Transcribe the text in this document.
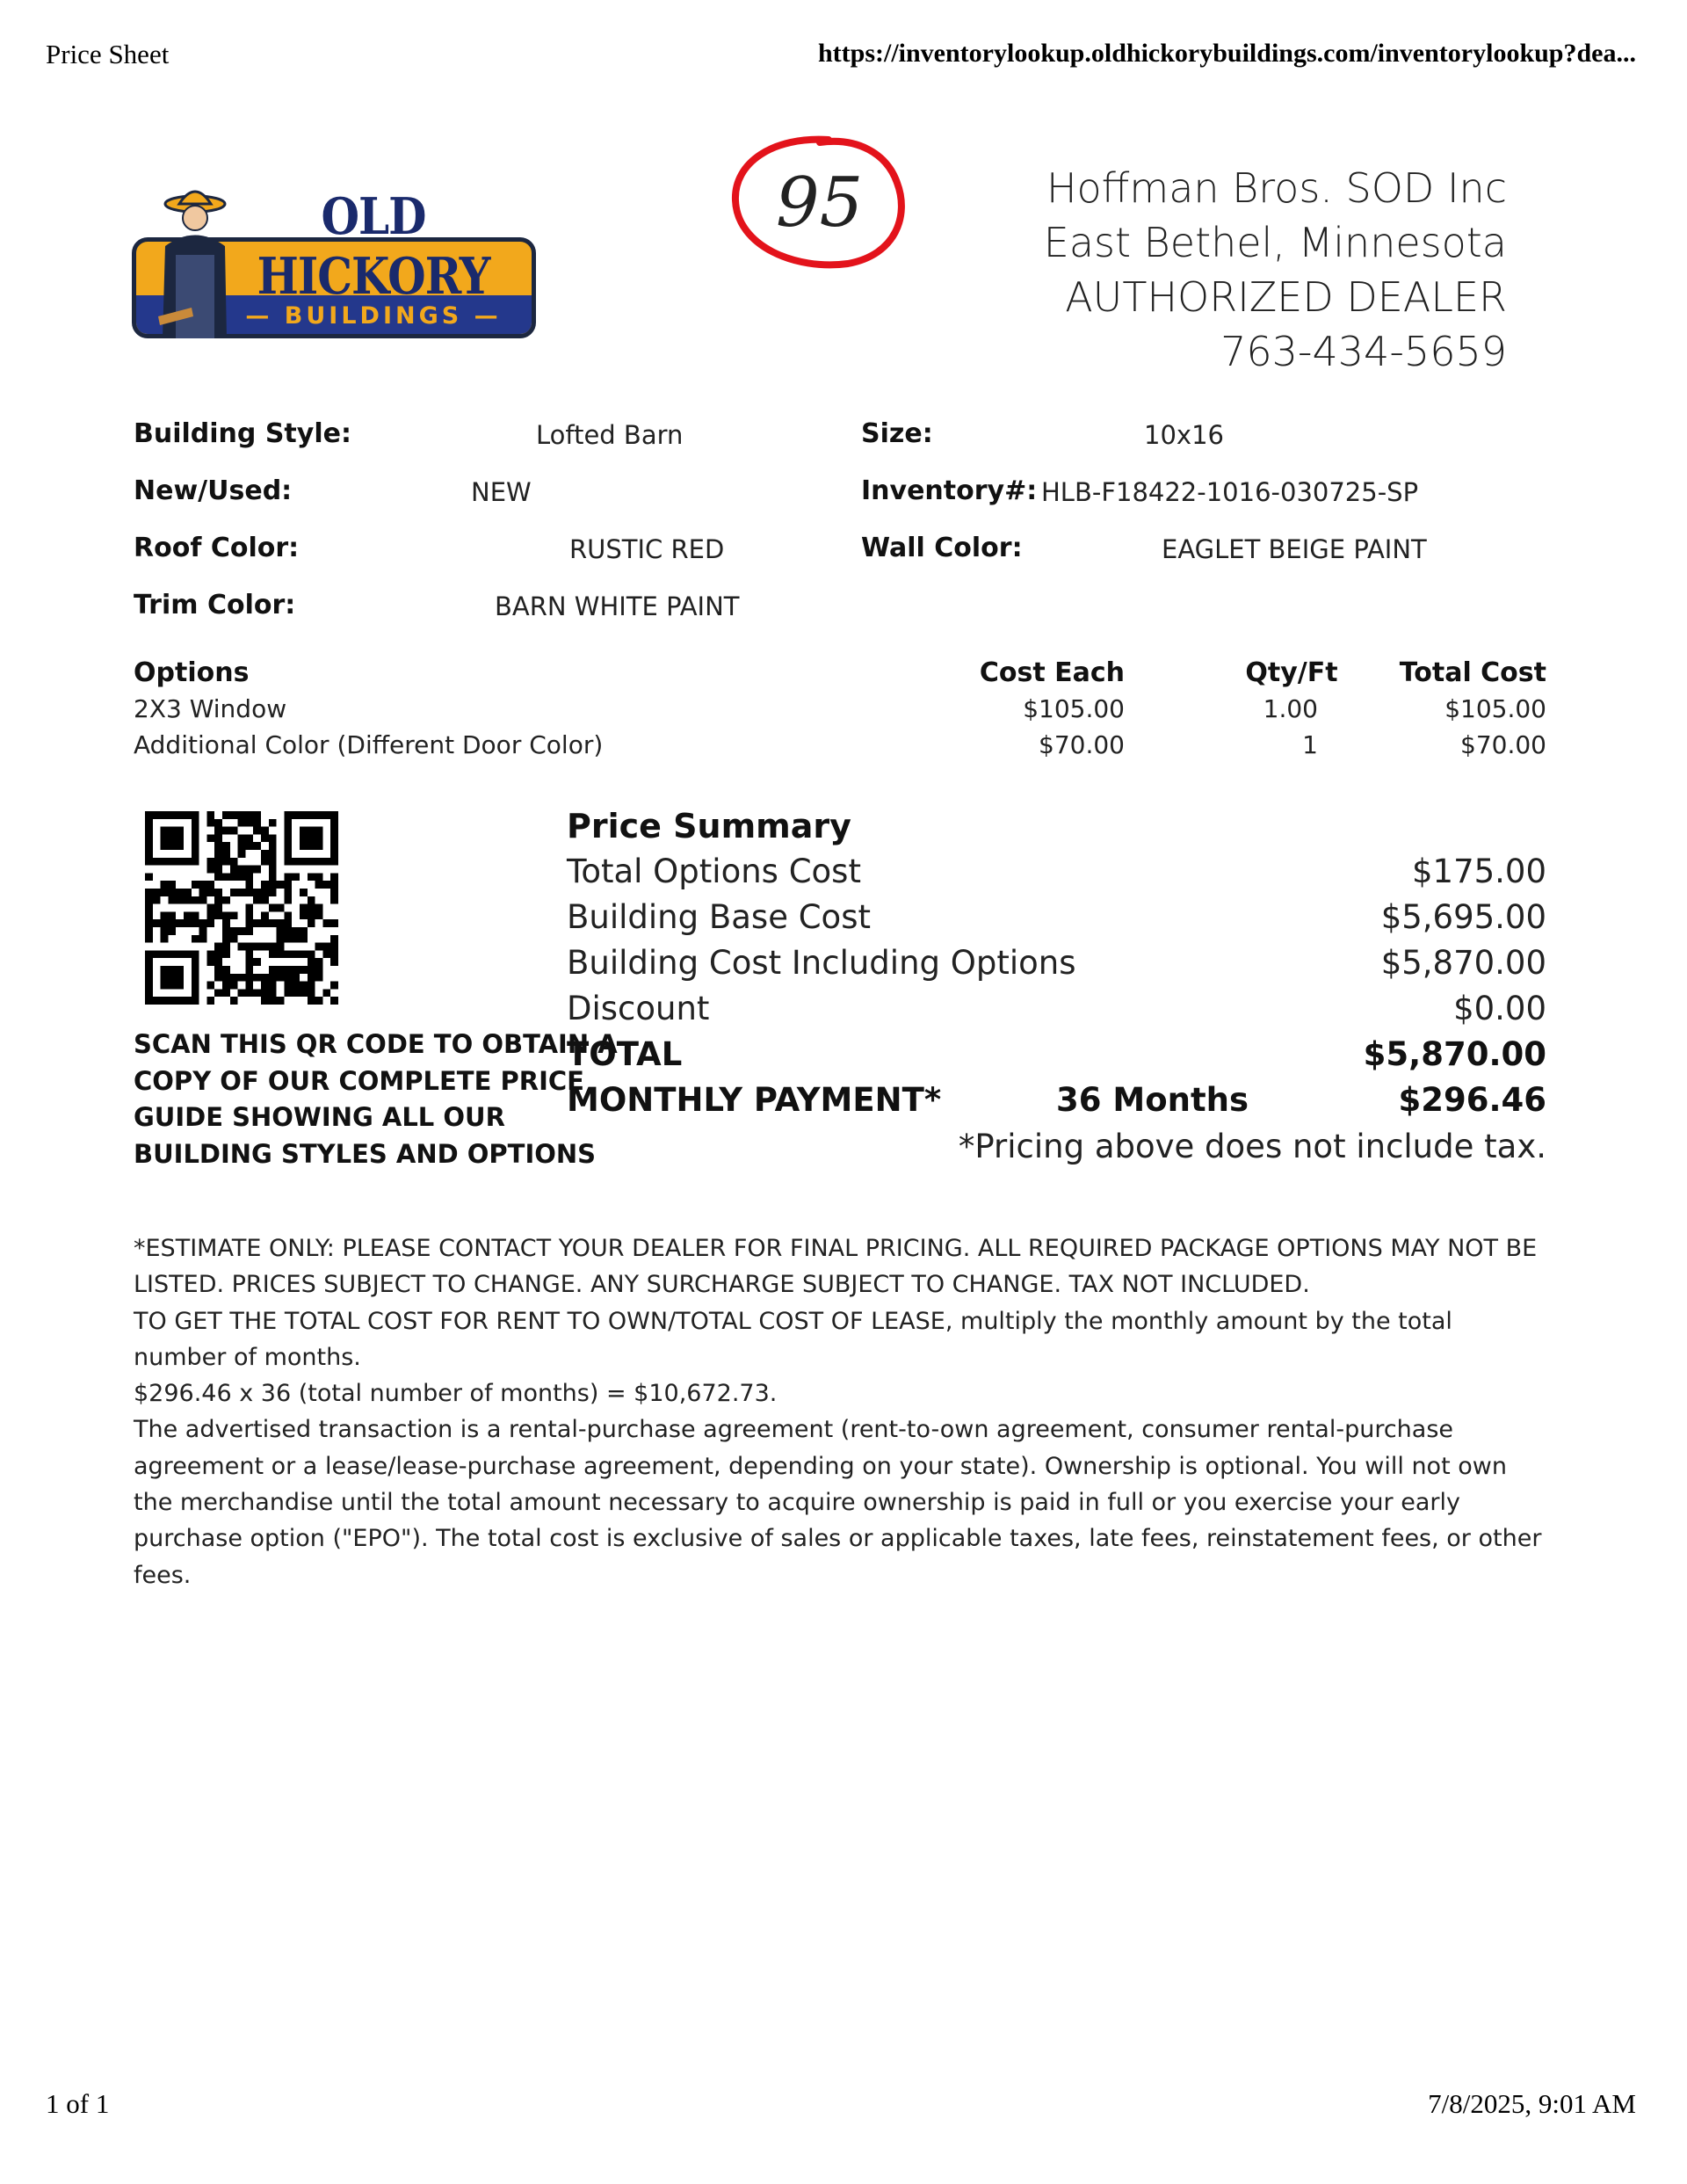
Price Sheet	https://inventorylookup.oldhickorybuildings.com/inventorylookup?dea...
1 of 1	7/8/2025, 9:01 AM
OLD HICKORY
— BUILDINGS —
95	Hoffman Bros. SOD Inc
East Bethel, Minnesota
AUTHORIZED DEALER
763-434-5659
Building Style:	Lofted Barn	Size:	10x16
New/Used:	NEW	Inventory#: HLB-F18422-1016-030725-SP
Roof Color:	RUSTIC RED	Wall Color:	EAGLET BEIGE PAINT
Trim Color:	BARN WHITE PAINT
Options	Cost Each	Qty/Ft	Total Cost
2X3 Window	$105.00	1.00	$105.00
Additional Color (Different Door Color)	$70.00	1	$70.00
SCAN THIS QR CODE TO OBTAIN A
COPY OF OUR COMPLETE PRICE
GUIDE SHOWING ALL OUR
BUILDING STYLES AND OPTIONS
Price Summary
Total Options Cost	$175.00
Building Base Cost	$5,695.00
Building Cost Including Options	$5,870.00
Discount	$0.00
TOTAL	$5,870.00
MONTHLY PAYMENT*	36 Months	$296.46
*Pricing above does not include tax.

*ESTIMATE ONLY: PLEASE CONTACT YOUR DEALER FOR FINAL PRICING. ALL REQUIRED PACKAGE OPTIONS MAY NOT BE LISTED. PRICES SUBJECT TO CHANGE. ANY SURCHARGE SUBJECT TO CHANGE. TAX NOT INCLUDED.

TO GET THE TOTAL COST FOR RENT TO OWN/TOTAL COST OF LEASE, multiply the monthly amount by the total number of months.

$296.46 x 36 (total number of months) = $10,672.73.

The advertised transaction is a rental-purchase agreement (rent-to-own agreement, consumer rental-purchase agreement or a lease/lease-purchase agreement, depending on your state). Ownership is optional. You will not own the merchandise until the total amount necessary to acquire ownership is paid in full or you exercise your early purchase option ("EPO"). The total cost is exclusive of sales or applicable taxes, late fees, reinstatement fees, or other fees.
